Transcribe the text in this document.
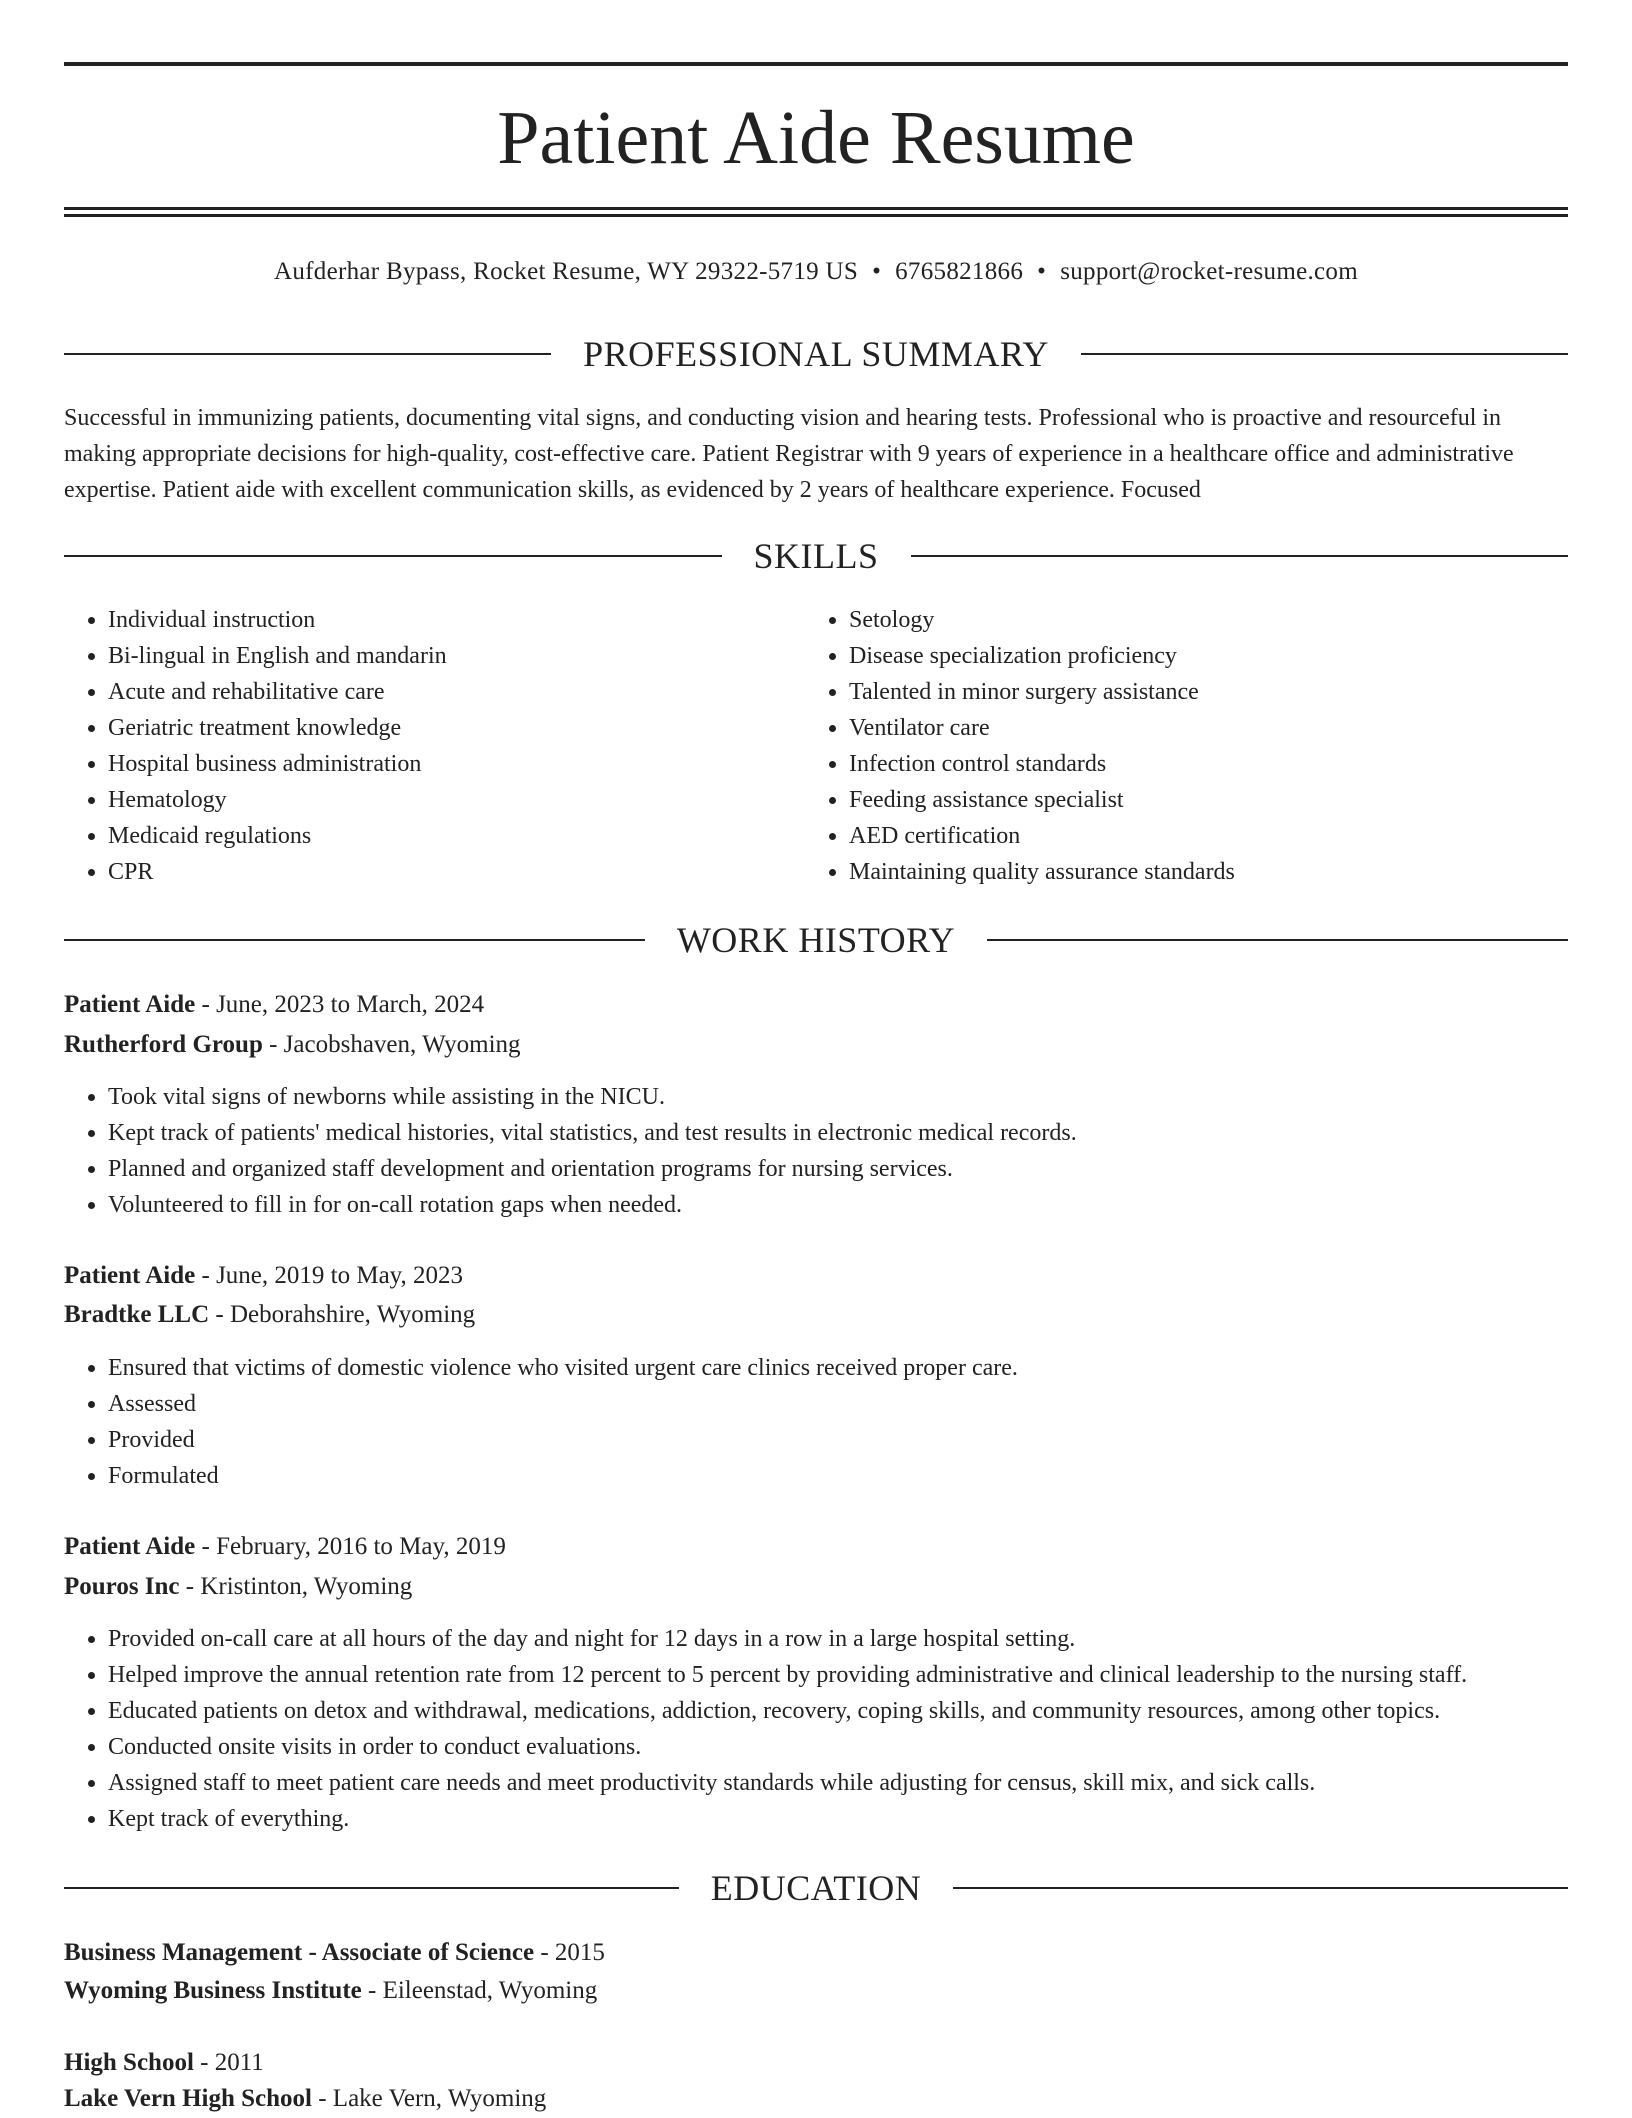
Patient Aide Resume
Aufderhar Bypass, Rocket Resume, WY 29322-5719 US • 6765821866 • support@rocket-resume.com
PROFESSIONAL SUMMARY

Successful in immunizing patients, documenting vital signs, and conducting vision and hearing tests. Professional who is proactive and resourceful in making appropriate decisions for high-quality, cost-effective care. Patient Registrar with 9 years of experience in a healthcare office and administrative expertise. Patient aide with excellent communication skills, as evidenced by 2 years of healthcare experience. Focused

SKILLS
• Individual instruction
• Bi-lingual in English and mandarin
• Acute and rehabilitative care
• Geriatric treatment knowledge
• Hospital business administration
• Hematology
• Medicaid regulations
• CPR
• Setology
• Disease specialization proficiency
• Talented in minor surgery assistance
• Ventilator care
• Infection control standards
• Feeding assistance specialist
• AED certification
• Maintaining quality assurance standards
WORK HISTORY
Patient Aide - June, 2023 to March, 2024
Rutherford Group - Jacobshaven, Wyoming
• Took vital signs of newborns while assisting in the NICU.
• Kept track of patients' medical histories, vital statistics, and test results in electronic medical records.
• Planned and organized staff development and orientation programs for nursing services.
• Volunteered to fill in for on-call rotation gaps when needed.
Patient Aide - June, 2019 to May, 2023
Bradtke LLC - Deborahshire, Wyoming
• Ensured that victims of domestic violence who visited urgent care clinics received proper care.
• Assessed
• Provided
• Formulated
Patient Aide - February, 2016 to May, 2019
Pouros Inc - Kristinton, Wyoming
• Provided on-call care at all hours of the day and night for 12 days in a row in a large hospital setting.
• Helped improve the annual retention rate from 12 percent to 5 percent by providing administrative and clinical leadership to the nursing staff.
• Educated patients on detox and withdrawal, medications, addiction, recovery, coping skills, and community resources, among other topics.
• Conducted onsite visits in order to conduct evaluations.
• Assigned staff to meet patient care needs and meet productivity standards while adjusting for census, skill mix, and sick calls.
• Kept track of everything.
EDUCATION
Business Management - Associate of Science - 2015
Wyoming Business Institute - Eileenstad, Wyoming
High School - 2011
Lake Vern High School - Lake Vern, Wyoming
